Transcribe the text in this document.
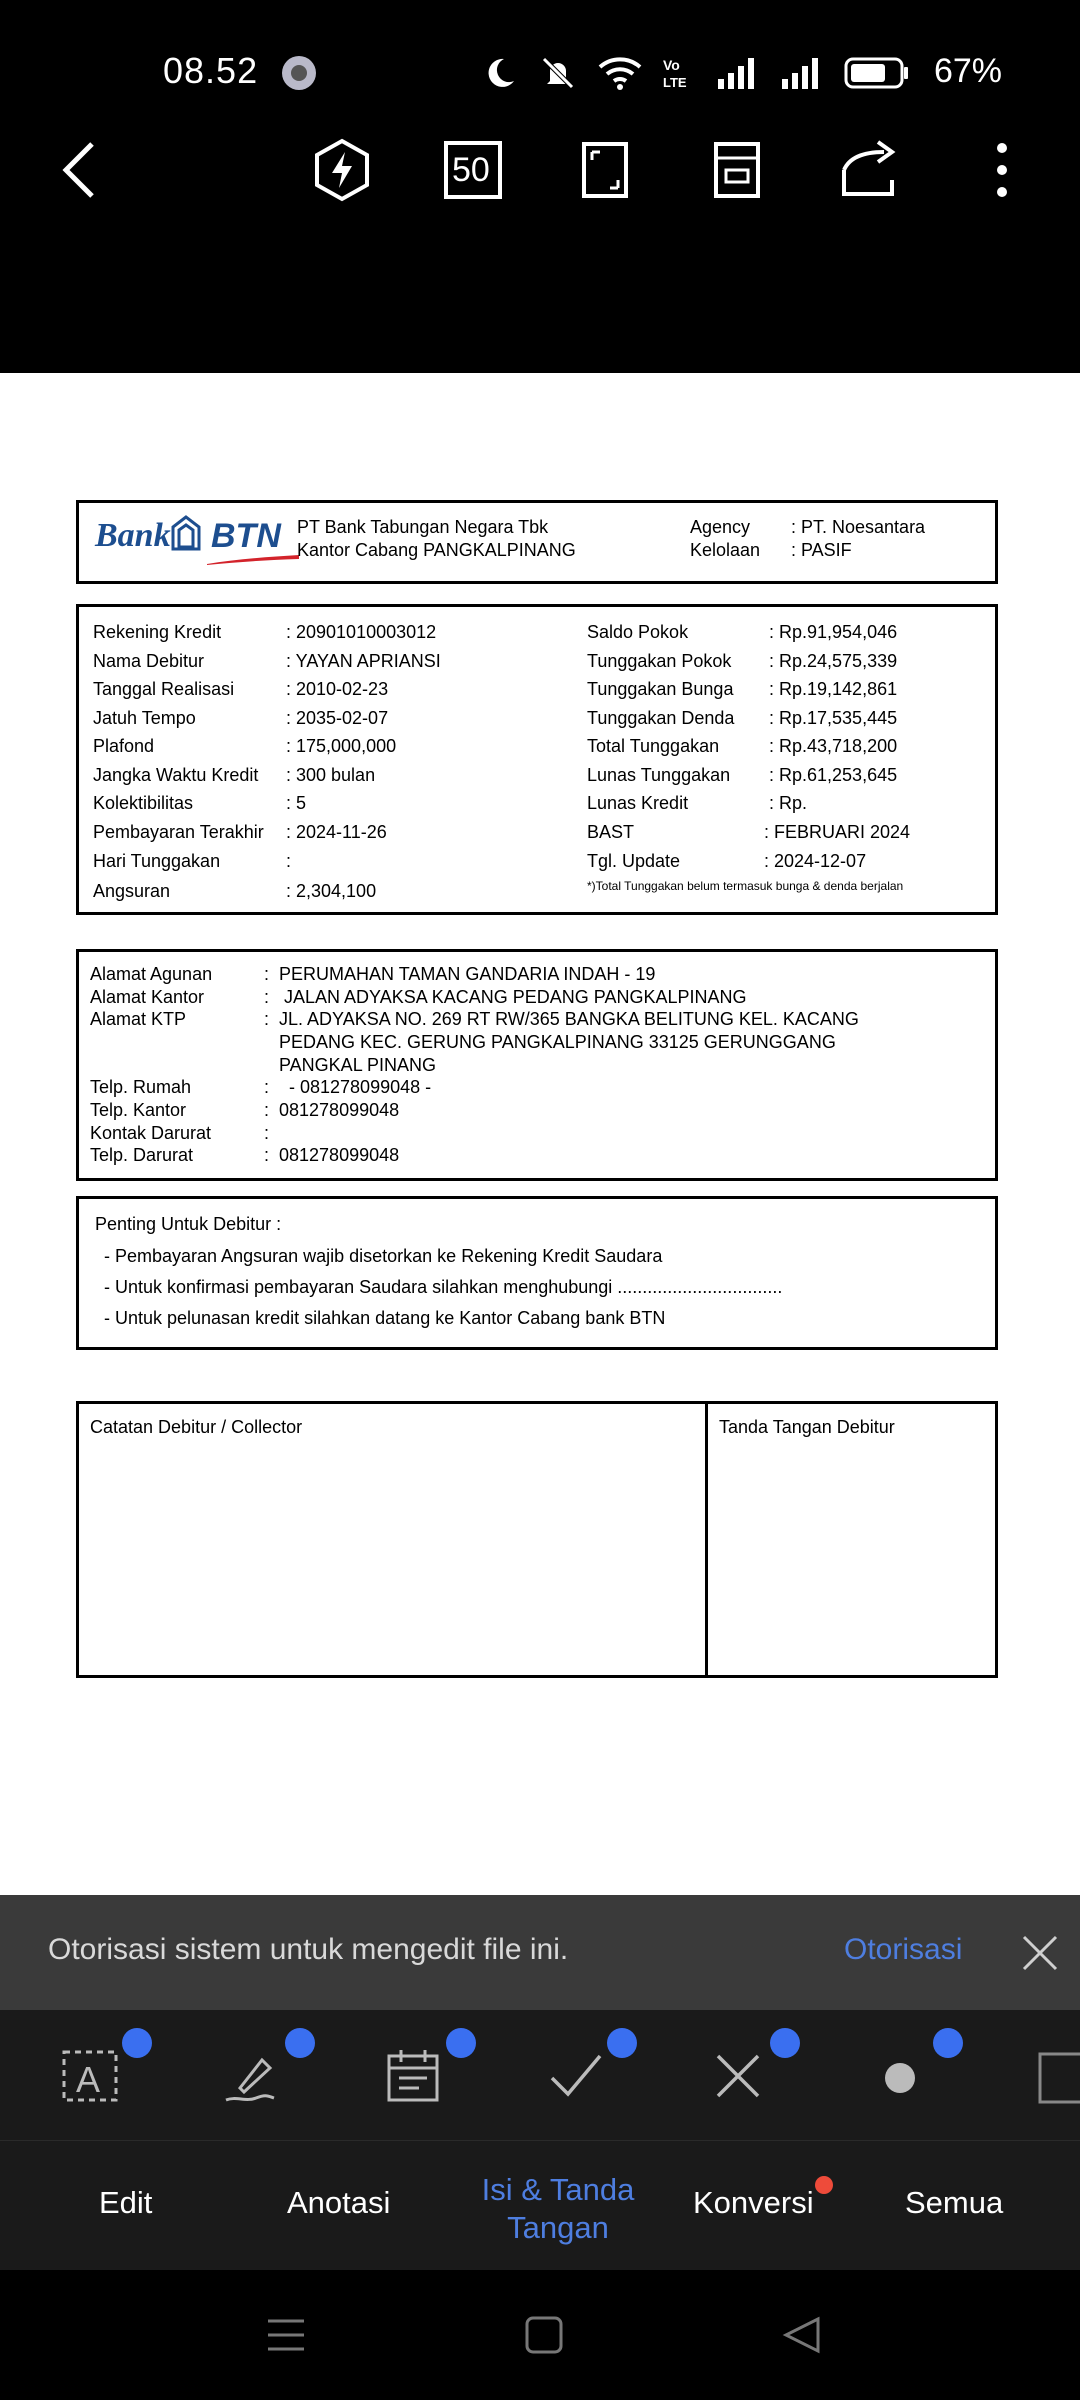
08.52	Vo
LTE	67%
50
Bank BTN PT Bank Tabungan Negara Tbk
Kantor Cabang PANGKALPINANG
Agency : PT. Noesantara
Kelolaan : PASIF
Rekening Kredit	: 20901010003012
Nama Debitur	: YAYAN APRIANSI
Tanggal Realisasi	: 2010-02-23
Jatuh Tempo	: 2035-02-07
Plafond	: 175,000,000
Jangka Waktu Kredit : 300 bulan
Kolektibilitas	: 5
Pembayaran Terakhir : 2024-11-26
Hari Tunggakan	:
Angsuran	: 2,304,100
Saldo Pokok	: Rp.91,954,046
Tunggakan Pokok : Rp.24,575,339
Tunggakan Bunga : Rp.19,142,861
Tunggakan Denda : Rp.17,535,445
Total Tunggakan	: Rp.43,718,200
Lunas Tunggakan : Rp.61,253,645
Lunas Kredit	: Rp.
BAST	: FEBRUARI 2024
Tgl. Update	: 2024-12-07
*)Total Tunggakan belum termasuk bunga & denda berjalan
Alamat Agunan	: PERUMAHAN TAMAN GANDARIA INDAH - 19
Alamat Kantor	: JALAN ADYAKSA KACANG PEDANG PANGKALPINANG
Alamat KTP	: JL. ADYAKSA NO. 269 RT RW/365 BANGKA BELITUNG KEL. KACANG
PEDANG KEC. GERUNG PANGKALPINANG 33125 GERUNGGANG
PANGKAL PINANG
Telp. Rumah	: - 081278099048 -
Telp. Kantor	: 081278099048
Kontak Darurat	:
Telp. Darurat	: 081278099048
Penting Untuk Debitur :
- Pembayaran Angsuran wajib disetorkan ke Rekening Kredit Saudara
- Untuk konfirmasi pembayaran Saudara silahkan menghubungi .................................
- Untuk pelunasan kredit silahkan datang ke Kantor Cabang bank BTN
Catatan Debitur / Collector	Tanda Tangan Debitur
Otorisasi sistem untuk mengedit file ini.	Otorisasi
A
Edit	Anotasi	Isi & Tanda
Tangan
Konversi	Semua
